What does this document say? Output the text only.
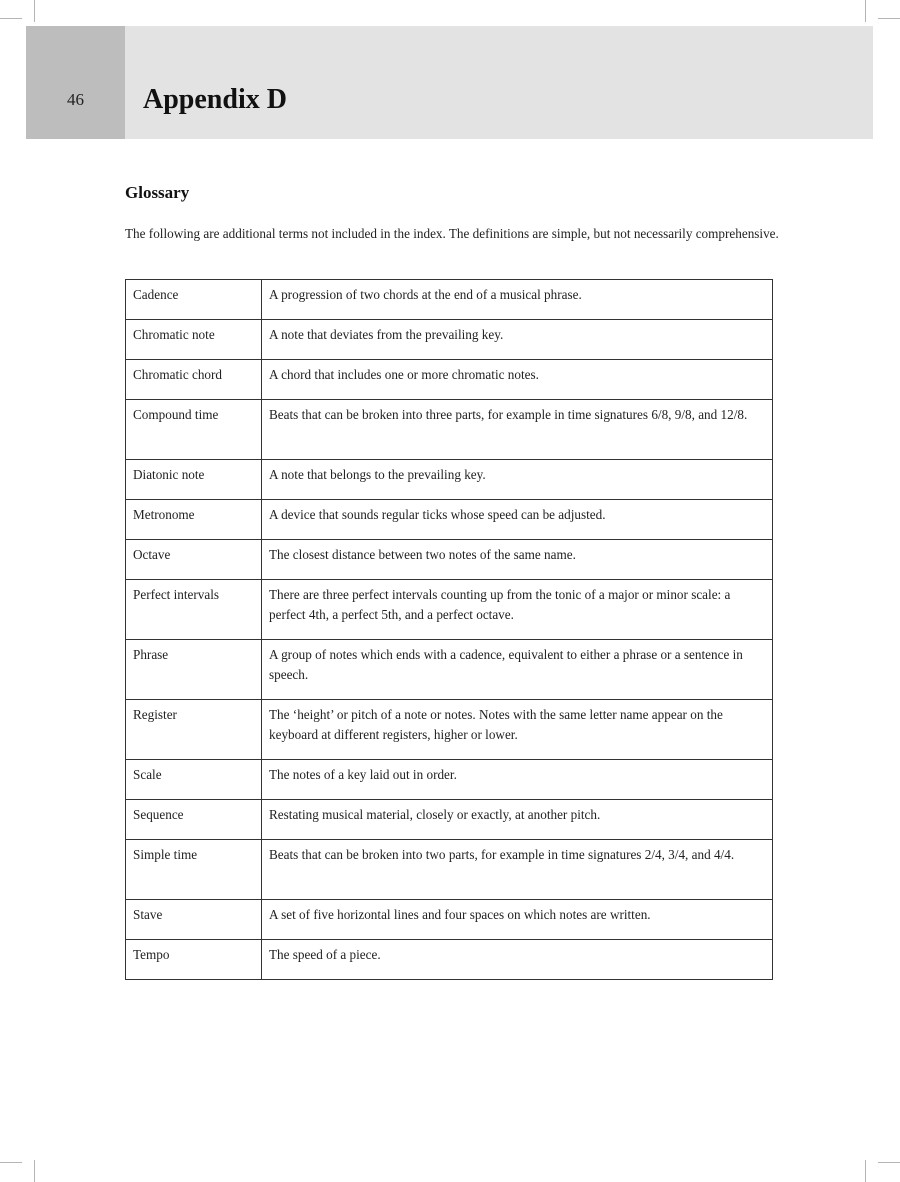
46	Appendix D
Glossary
The following are additional terms not included in the index. The definitions are simple, but not necessarily comprehensive.
Cadence	A progression of two chords at the end of a musical phrase.
Chromatic note	A note that deviates from the prevailing key.
Chromatic chord	A chord that includes one or more chromatic notes.
Compound time	Beats that can be broken into three parts, for example in time signatures 6/8, 9/8, and 12/8.
Diatonic note	A note that belongs to the prevailing key.
Metronome	A device that sounds regular ticks whose speed can be adjusted.
Octave	The closest distance between two notes of the same name.
Perfect intervals	There are three perfect intervals counting up from the tonic of a major or minor scale: a perfect 4th, a perfect 5th, and a perfect octave.
Phrase	A group of notes which ends with a cadence, equivalent to either a phrase or a sentence in speech.
Register	The ‘height’ or pitch of a note or notes. Notes with the same letter name appear on the keyboard at different registers, higher or lower.
Scale	The notes of a key laid out in order.
Sequence	Restating musical material, closely or exactly, at another pitch.
Simple time	Beats that can be broken into two parts, for example in time signatures 2/4, 3/4, and 4/4.
Stave	A set of five horizontal lines and four spaces on which notes are written.
Tempo	The speed of a piece.
